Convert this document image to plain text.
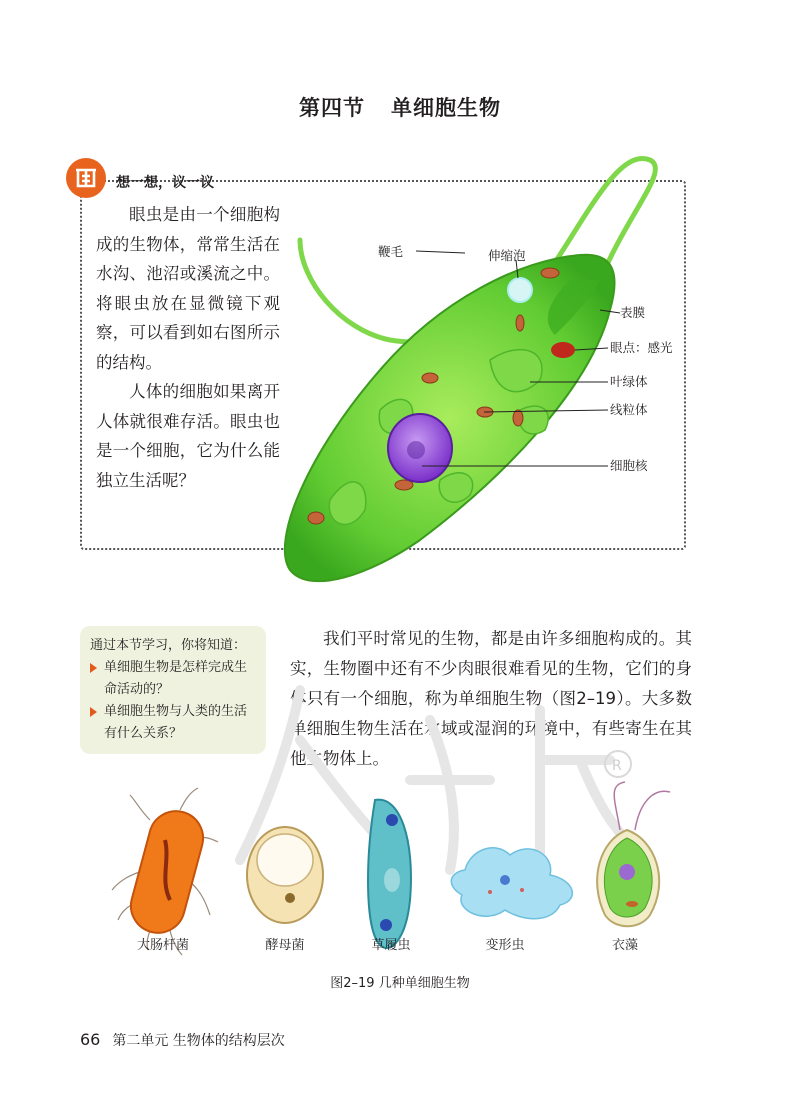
第四节 单细胞生物
想一想，议一议

眼虫是由一个细胞构成的生物体，常常生活在水沟、池沼或溪流之中。将眼虫放在显微镜下观察，可以看到如右图所示的结构。

人体的细胞如果离开人体就很难存活。眼虫也是一个细胞，它为什么能独立生活呢？

鞭毛	伸缩泡
表膜
眼点：感光
叶绿体
线粒体
细胞核
通过本节学习，你将知道：
单细胞生物是怎样完成生命活动的？
单细胞生物与人类的生活有什么关系？

我们平时常见的生物，都是由许多细胞构成的。其实，生物圈中还有不少肉眼很难看见的生物，它们的身体只有一个细胞，称为单细胞生物（图2–19）。大多数单细胞生物生活在水域或湿润的环境中，有些寄生在其他生物体上。	R
大肠杆菌	酵母菌	草履虫	变形虫	衣藻
图2–19 几种单细胞生物
66 第二单元 生物体的结构层次
